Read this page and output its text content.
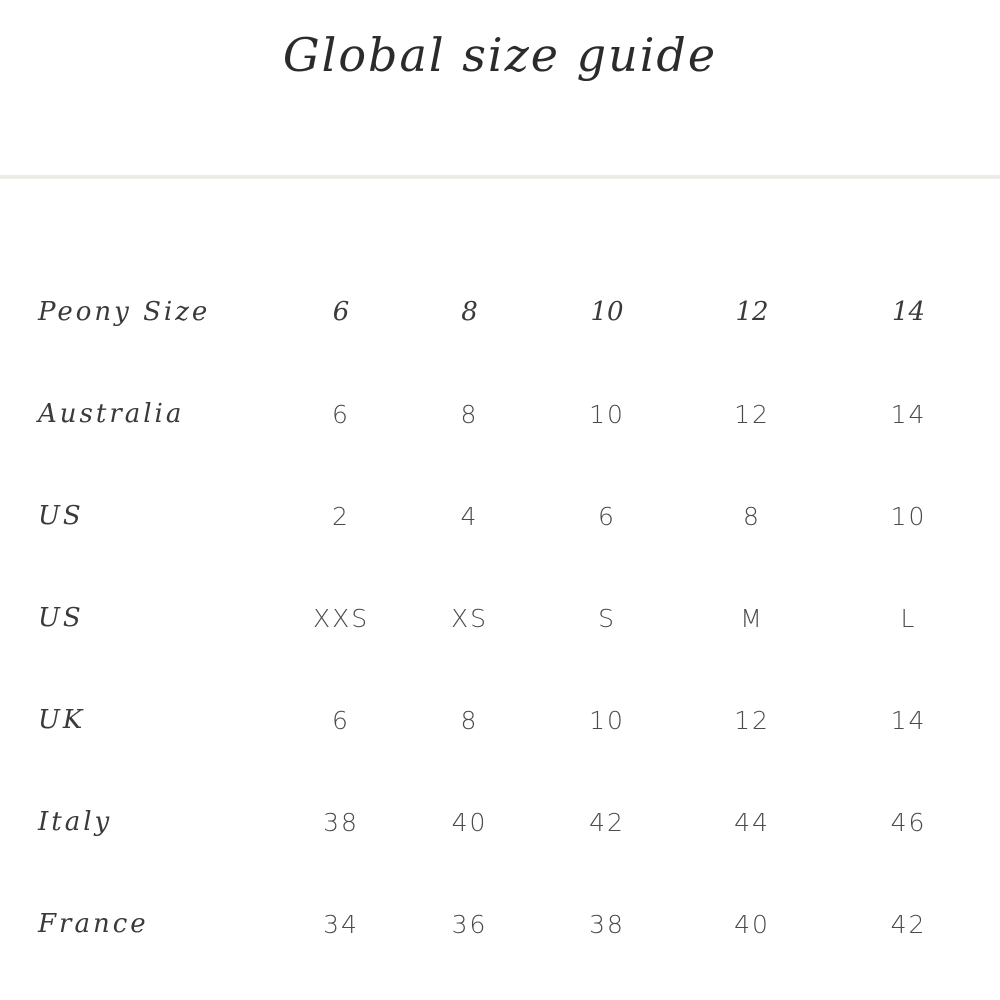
Global size guide
Peony Size	6	8	10	12	14
Australia	6	8	10	12	14
US	2	4	6	8	10
US	XXS	XS	S	M	L
UK	6	8	10	12	14
Italy	38	40	42	44	46
France	34	36	38	40	42
